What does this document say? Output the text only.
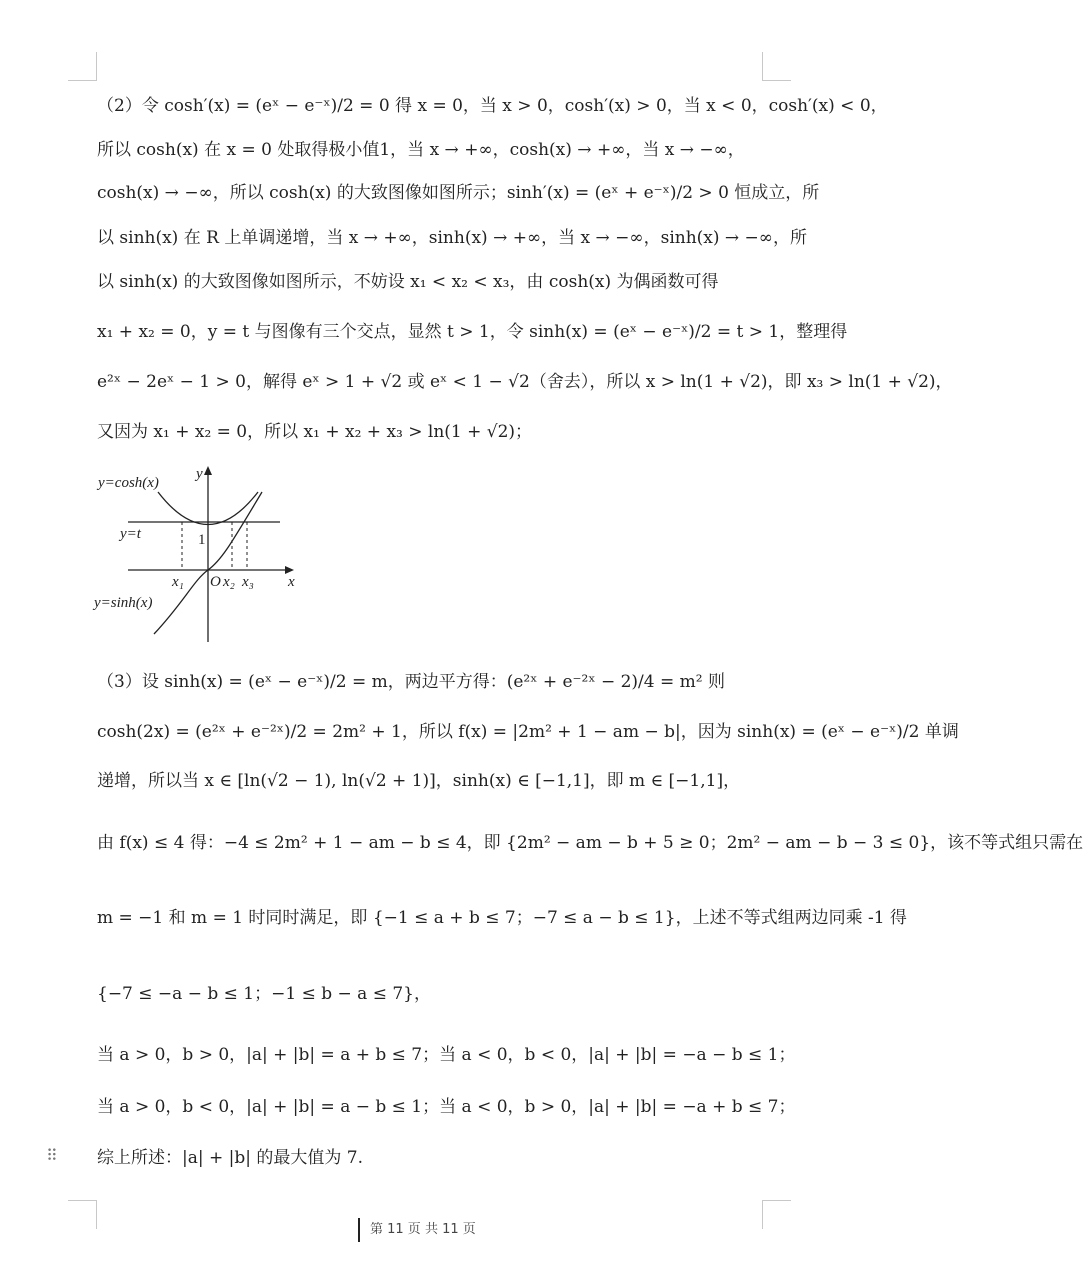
（2）令 cosh′(x) = (eˣ − e⁻ˣ)/2 = 0 得 x = 0，当 x > 0，cosh′(x) > 0，当 x < 0，cosh′(x) < 0，
所以 cosh(x) 在 x = 0 处取得极小值1，当 x → +∞，cosh(x) → +∞，当 x → −∞，
cosh(x) → −∞，所以 cosh(x) 的大致图像如图所示；sinh′(x) = (eˣ + e⁻ˣ)/2 > 0 恒成立，所
以 sinh(x) 在 R 上单调递增，当 x → +∞，sinh(x) → +∞，当 x → −∞，sinh(x) → −∞，所
以 sinh(x) 的大致图像如图所示，不妨设 x₁ < x₂ < x₃，由 cosh(x) 为偶函数可得
x₁ + x₂ = 0，y = t 与图像有三个交点，显然 t > 1，令 sinh(x) = (eˣ − e⁻ˣ)/2 = t > 1，整理得
e²ˣ − 2eˣ − 1 > 0，解得 eˣ > 1 + √2 或 eˣ < 1 − √2（舍去），所以 x > ln(1 + √2)，即 x₃ > ln(1 + √2)，
又因为 x₁ + x₂ = 0，所以 x₁ + x₂ + x₃ > ln(1 + √2)；
y=cosh(x)
y
y=t	1
x₁ O x₂ x₃ x
y=sinh(x)
（3）设 sinh(x) = (eˣ − e⁻ˣ)/2 = m，两边平方得：(e²ˣ + e⁻²ˣ − 2)/4 = m² 则
cosh(2x) = (e²ˣ + e⁻²ˣ)/2 = 2m² + 1，所以 f(x) = |2m² + 1 − am − b|，因为 sinh(x) = (eˣ − e⁻ˣ)/2 单调
递增，所以当 x ∈ [ln(√2 − 1), ln(√2 + 1)]，sinh(x) ∈ [−1,1]，即 m ∈ [−1,1]，
由 f(x) ≤ 4 得：−4 ≤ 2m² + 1 − am − b ≤ 4，即 {2m² − am − b + 5 ≥ 0；2m² − am − b − 3 ≤ 0}，该不等式组只需在
m = −1 和 m = 1 时同时满足，即 {−1 ≤ a + b ≤ 7；−7 ≤ a − b ≤ 1}，上述不等式组两边同乘 -1 得
{−7 ≤ −a − b ≤ 1；−1 ≤ b − a ≤ 7}，
当 a > 0，b > 0，|a| + |b| = a + b ≤ 7；当 a < 0，b < 0，|a| + |b| = −a − b ≤ 1；
当 a > 0，b < 0，|a| + |b| = a − b ≤ 1；当 a < 0，b > 0，|a| + |b| = −a + b ≤ 7；
综上所述：|a| + |b| 的最大值为 7.
⠿
第 11 页 共 11 页
